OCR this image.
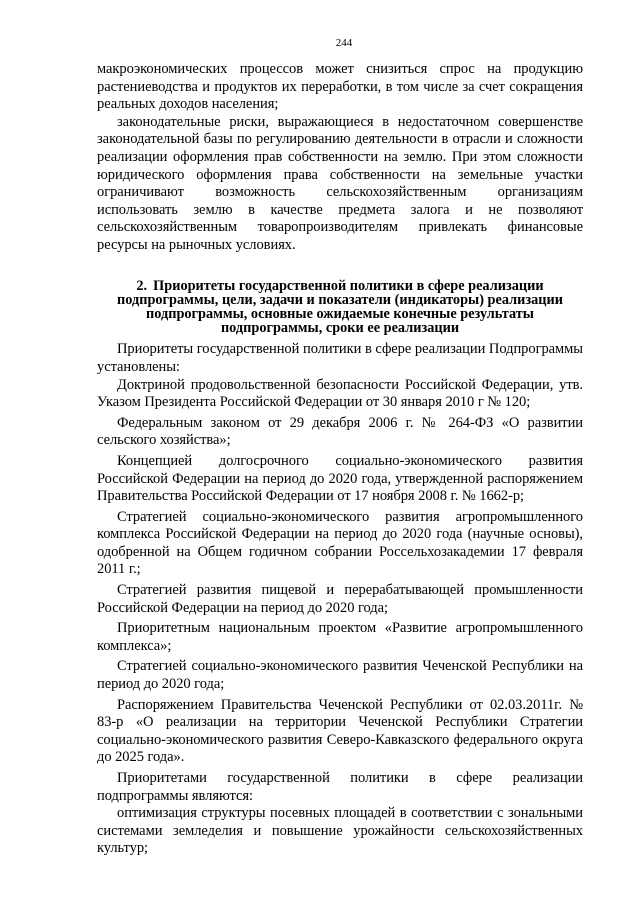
244

макроэкономических процессов может снизиться спрос на продукцию растениеводства и продуктов их переработки, в том числе за счет сокращения реальных доходов населения;

законодательные риски, выражающиеся в недостаточном совершенстве законодательной базы по регулированию деятельности в отрасли и сложности реализации оформления прав собственности на землю. При этом сложности юридического оформления права собственности на земельные участки ограничивают возможность сельскохозяйственным организациям использовать землю в качестве предмета залога и не позволяют сельскохозяйственным товаропроизводителям привлекать финансовые ресурсы на рыночных условиях.

2. Приоритеты государственной политики в сфере реализации подпрограммы, цели, задачи и показатели (индикаторы) реализации подпрограммы, основные ожидаемые конечные результаты подпрограммы, сроки ее реализации

Приоритеты государственной политики в сфере реализации Подпрограммы установлены:

Доктриной продовольственной безопасности Российской Федерации, утв. Указом Президента Российской Федерации от 30 января 2010 г № 120;

Федеральным законом от 29 декабря 2006 г. № 264-ФЗ «О развитии сельского хозяйства»;

Концепцией долгосрочного социально-экономического развития Российской Федерации на период до 2020 года, утвержденной распоряжением Правительства Российской Федерации от 17 ноября 2008 г. № 1662-р;

Стратегией социально-экономического развития агропромышленного комплекса Российской Федерации на период до 2020 года (научные основы), одобренной на Общем годичном собрании Россельхозакадемии 17 февраля 2011 г.;

Стратегией развития пищевой и перерабатывающей промышленности Российской Федерации на период до 2020 года;

Приоритетным национальным проектом «Развитие агропромышленного комплекса»;

Стратегией социально-экономического развития Чеченской Республики на период до 2020 года;

Распоряжением Правительства Чеченской Республики от 02.03.2011г. № 83-р «О реализации на территории Чеченской Республики Стратегии социально-экономического развития Северо-Кавказского федерального округа до 2025 года».

Приоритетами государственной политики в сфере реализации подпрограммы являются:

оптимизация структуры посевных площадей в соответствии с зональными системами земледелия и повышение урожайности сельскохозяйственных культур;
